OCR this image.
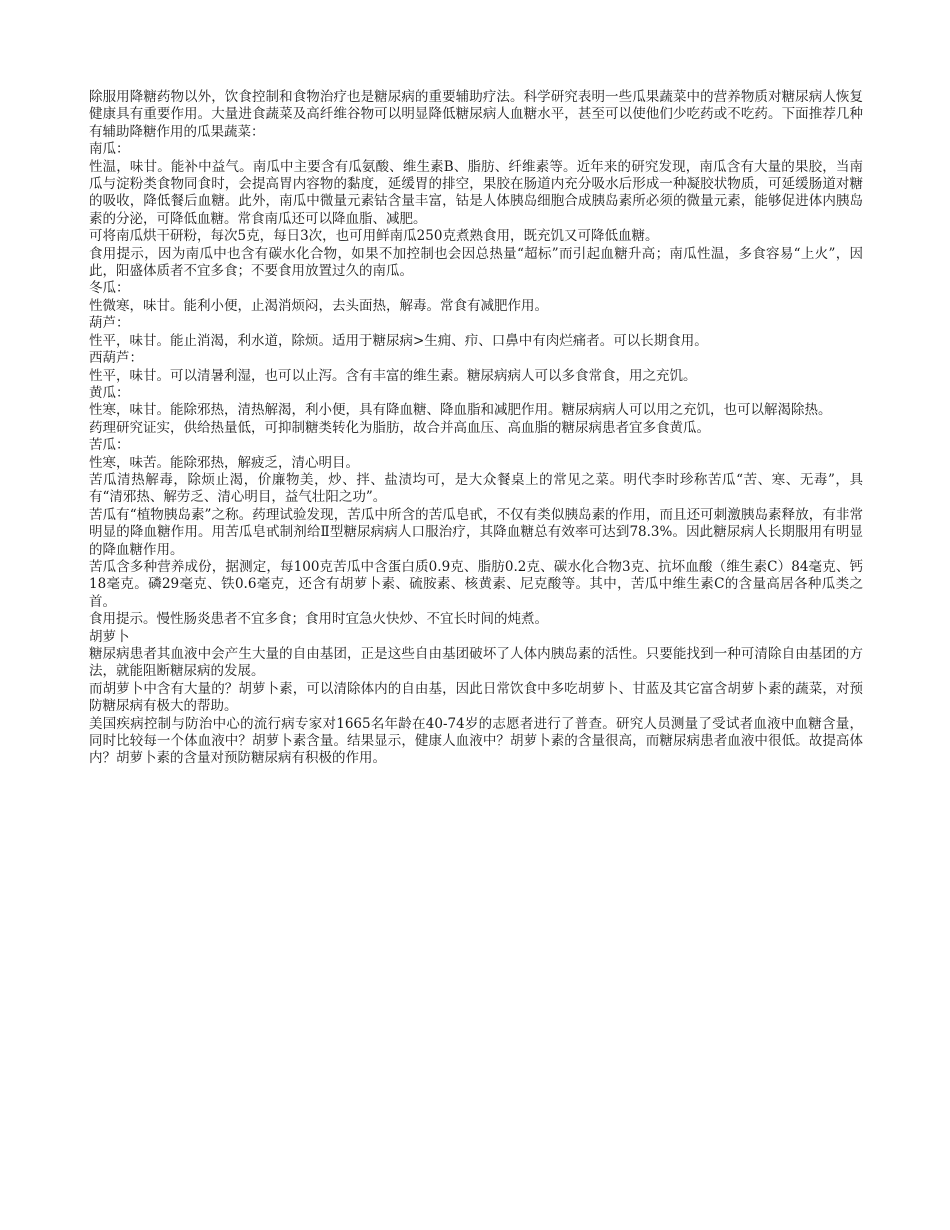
除服用降糖药物以外，饮食控制和食物治疗也是糖尿病的重要辅助疗法。科学研究表明一些瓜果蔬菜中的营养物质对糖尿病人恢复健康具有重要作用。大量进食蔬菜及高纤维谷物可以明显降低糖尿病人血糖水平，甚至可以使他们少吃药或不吃药。下面推荐几种有辅助降糖作用的瓜果蔬菜：

南瓜：

性温，味甘。能补中益气。南瓜中主要含有瓜氨酸、维生素B、脂肪、纤维素等。近年来的研究发现，南瓜含有大量的果胶，当南瓜与淀粉类食物同食时，会提高胃内容物的黏度，延缓胃的排空，果胶在肠道内充分吸水后形成一种凝胶状物质，可延缓肠道对糖的吸收，降低餐后血糖。此外，南瓜中微量元素钴含量丰富，钴是人体胰岛细胞合成胰岛素所必须的微量元素，能够促进体内胰岛素的分泌，可降低血糖。常食南瓜还可以降血脂、减肥。

可将南瓜烘干研粉，每次5克，每日3次，也可用鲜南瓜250克煮熟食用，既充饥又可降低血糖。

食用提示，因为南瓜中也含有碳水化合物，如果不加控制也会因总热量“超标”而引起血糖升高；南瓜性温，多食容易“上火”，因此，阳盛体质者不宜多食；不要食用放置过久的南瓜。

冬瓜：

性微寒，味甘。能利小便，止渴消烦闷，去头面热，解毒。常食有减肥作用。

葫芦：

性平，味甘。能止消渴，利水道，除烦。适用于糖尿病>生痈、疖、口鼻中有肉烂痛者。可以长期食用。

西葫芦：

性平，味甘。可以清暑利湿，也可以止泻。含有丰富的维生素。糖尿病病人可以多食常食，用之充饥。

黄瓜：

性寒，味甘。能除邪热，清热解渴，利小便，具有降血糖、降血脂和减肥作用。糖尿病病人可以用之充饥，也可以解渴除热。

药理研究证实，供给热量低，可抑制糖类转化为脂肪，故合并高血压、高血脂的糖尿病患者宜多食黄瓜。

苦瓜：

性寒，味苦。能除邪热，解疲乏，清心明目。

苦瓜清热解毒，除烦止渴，价廉物美，炒、拌、盐渍均可，是大众餐桌上的常见之菜。明代李时珍称苦瓜“苦、寒、无毒”，具有“清邪热、解劳乏、清心明目，益气壮阳之功”。

苦瓜有“植物胰岛素”之称。药理试验发现，苦瓜中所含的苦瓜皂甙，不仅有类似胰岛素的作用，而且还可刺激胰岛素释放，有非常明显的降血糖作用。用苦瓜皂甙制剂给Ⅱ型糖尿病病人口服治疗，其降血糖总有效率可达到78.3%。因此糖尿病人长期服用有明显的降血糖作用。

苦瓜含多种营养成份，据测定，每100克苦瓜中含蛋白质0.9克、脂肪0.2克、碳水化合物3克、抗坏血酸（维生素C）84毫克、钙18毫克。磷29毫克、铁0.6毫克，还含有胡萝卜素、硫胺素、核黄素、尼克酸等。其中，苦瓜中维生素C的含量高居各种瓜类之首。

食用提示。慢性肠炎患者不宜多食；食用时宜急火快炒、不宜长时间的炖煮。

胡萝卜

糖尿病患者其血液中会产生大量的自由基团，正是这些自由基团破坏了人体内胰岛素的活性。只要能找到一种可清除自由基团的方法，就能阻断糖尿病的发展。

而胡萝卜中含有大量的？胡萝卜素，可以清除体内的自由基，因此日常饮食中多吃胡萝卜、甘蓝及其它富含胡萝卜素的蔬菜，对预防糖尿病有极大的帮助。

美国疾病控制与防治中心的流行病专家对1665名年龄在40-74岁的志愿者进行了普查。研究人员测量了受试者血液中血糖含量，同时比较每一个体血液中？胡萝卜素含量。结果显示，健康人血液中？胡萝卜素的含量很高，而糖尿病患者血液中很低。故提高体内？胡萝卜素的含量对预防糖尿病有积极的作用。
